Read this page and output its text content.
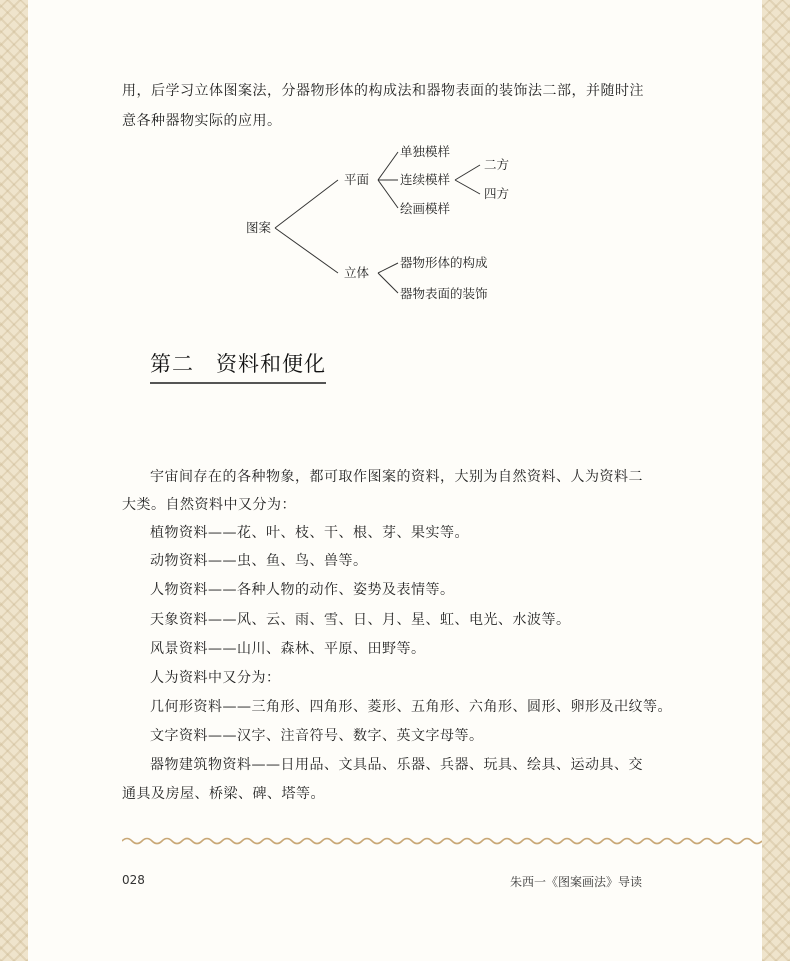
用，后学习立体图案法，分器物形体的构成法和器物表面的装饰法二部，并随时注
意各种器物实际的应用。
图案
平面
单独模样
连续模样
绘画模样
二方
四方
立体
器物形体的构成
器物表面的装饰
第二　资料和便化
宇宙间存在的各种物象，都可取作图案的资料，大别为自然资料、人为资料二
大类。自然资料中又分为：
植物资料——花、叶、枝、干、根、芽、果实等。
动物资料——虫、鱼、鸟、兽等。
人物资料——各种人物的动作、姿势及表情等。
天象资料——风、云、雨、雪、日、月、星、虹、电光、水波等。
风景资料——山川、森林、平原、田野等。
人为资料中又分为：
几何形资料——三角形、四角形、菱形、五角形、六角形、圆形、卵形及卍纹等。
文字资料——汉字、注音符号、数字、英文字母等。
器物建筑物资料——日用品、文具品、乐器、兵器、玩具、绘具、运动具、交
通具及房屋、桥梁、碑、塔等。
028	朱西一《图案画法》导读
